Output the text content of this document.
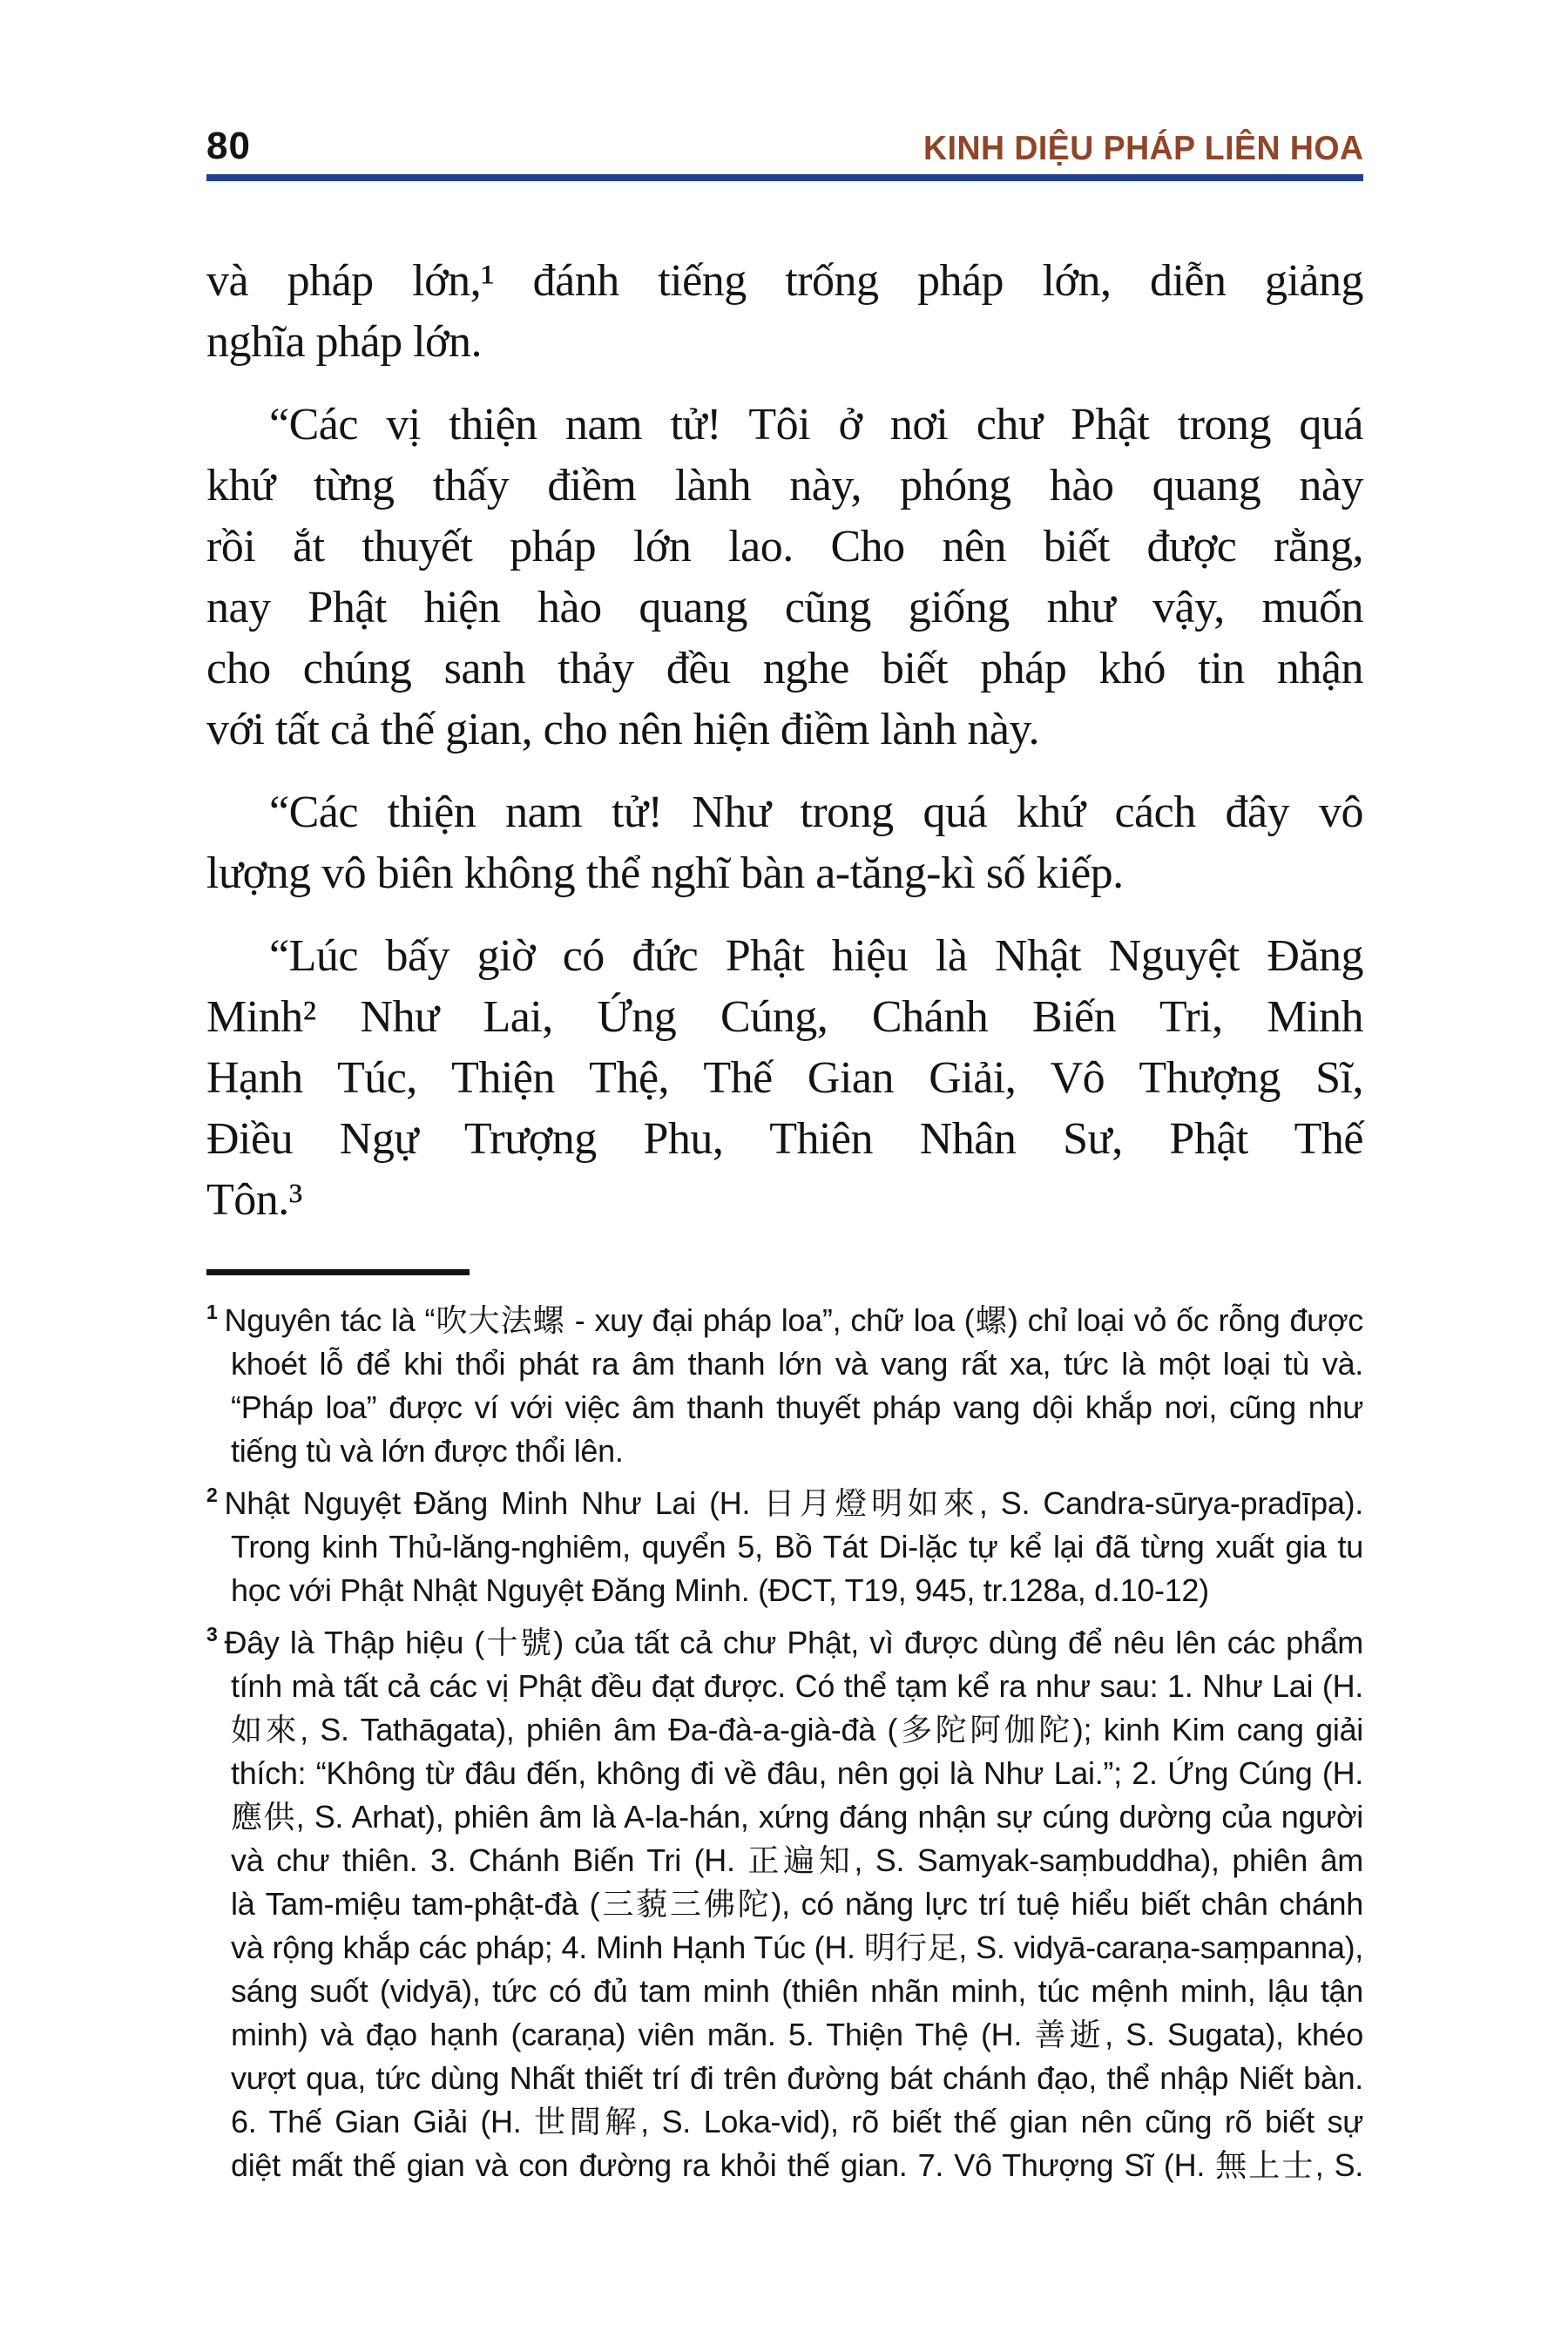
80	KINH DIỆU PHÁP LIÊN HOA
và pháp lớn,¹ đánh tiếng trống pháp lớn, diễn giảng
nghĩa pháp lớn.
“Các vị thiện nam tử! Tôi ở nơi chư Phật trong quá
khứ từng thấy điềm lành này, phóng hào quang này
rồi ắt thuyết pháp lớn lao. Cho nên biết được rằng,
nay Phật hiện hào quang cũng giống như vậy, muốn
cho chúng sanh thảy đều nghe biết pháp khó tin nhận
với tất cả thế gian, cho nên hiện điềm lành này.
“Các thiện nam tử! Như trong quá khứ cách đây vô
lượng vô biên không thể nghĩ bàn a-tăng-kì số kiếp.
“Lúc bấy giờ có đức Phật hiệu là Nhật Nguyệt Đăng
Minh² Như Lai, Ứng Cúng, Chánh Biến Tri, Minh
Hạnh Túc, Thiện Thệ, Thế Gian Giải, Vô Thượng Sĩ,
Điều Ngự Trượng Phu, Thiên Nhân Sư, Phật Thế
Tôn.³
$^1$ Nguyên tác là “吹大法螺 - xuy đại pháp loa”, chữ loa (螺) chỉ loại vỏ ốc rỗng được
khoét lỗ để khi thổi phát ra âm thanh lớn và vang rất xa, tức là một loại tù và.
“Pháp loa” được ví với việc âm thanh thuyết pháp vang dội khắp nơi, cũng như
tiếng tù và lớn được thổi lên.
$^2$ Nhật Nguyệt Đăng Minh Như Lai (H. 日月燈明如來, S. Candra-sūrya-pradīpa).
Trong kinh Thủ-lăng-nghiêm, quyển 5, Bồ Tát Di-lặc tự kể lại đã từng xuất gia tu
học với Phật Nhật Nguyệt Đăng Minh. (ĐCT, T19, 945, tr.128a, d.10-12)
$^3$ Đây là Thập hiệu (十號) của tất cả chư Phật, vì được dùng để nêu lên các phẩm
tính mà tất cả các vị Phật đều đạt được. Có thể tạm kể ra như sau: 1. Như Lai (H.
如來, S. Tathāgata), phiên âm Đa-đà-a-già-đà (多陀阿伽陀); kinh Kim cang giải
thích: “Không từ đâu đến, không đi về đâu, nên gọi là Như Lai.”; 2. Ứng Cúng (H.
應供, S. Arhat), phiên âm là A-la-hán, xứng đáng nhận sự cúng dường của người
và chư thiên. 3. Chánh Biến Tri (H. 正遍知, S. Samyak-saṃbuddha), phiên âm
là Tam-miệu tam-phật-đà (三藐三佛陀), có năng lực trí tuệ hiểu biết chân chánh
và rộng khắp các pháp; 4. Minh Hạnh Túc (H. 明行足, S. vidyā-caraṇa-saṃpanna),
sáng suốt (vidyā), tức có đủ tam minh (thiên nhãn minh, túc mệnh minh, lậu tận
minh) và đạo hạnh (caraṇa) viên mãn. 5. Thiện Thệ (H. 善逝, S. Sugata), khéo
vượt qua, tức dùng Nhất thiết trí đi trên đường bát chánh đạo, thể nhập Niết bàn.
6. Thế Gian Giải (H. 世間解, S. Loka-vid), rõ biết thế gian nên cũng rõ biết sự
diệt mất thế gian và con đường ra khỏi thế gian. 7. Vô Thượng Sĩ (H. 無上士, S.
